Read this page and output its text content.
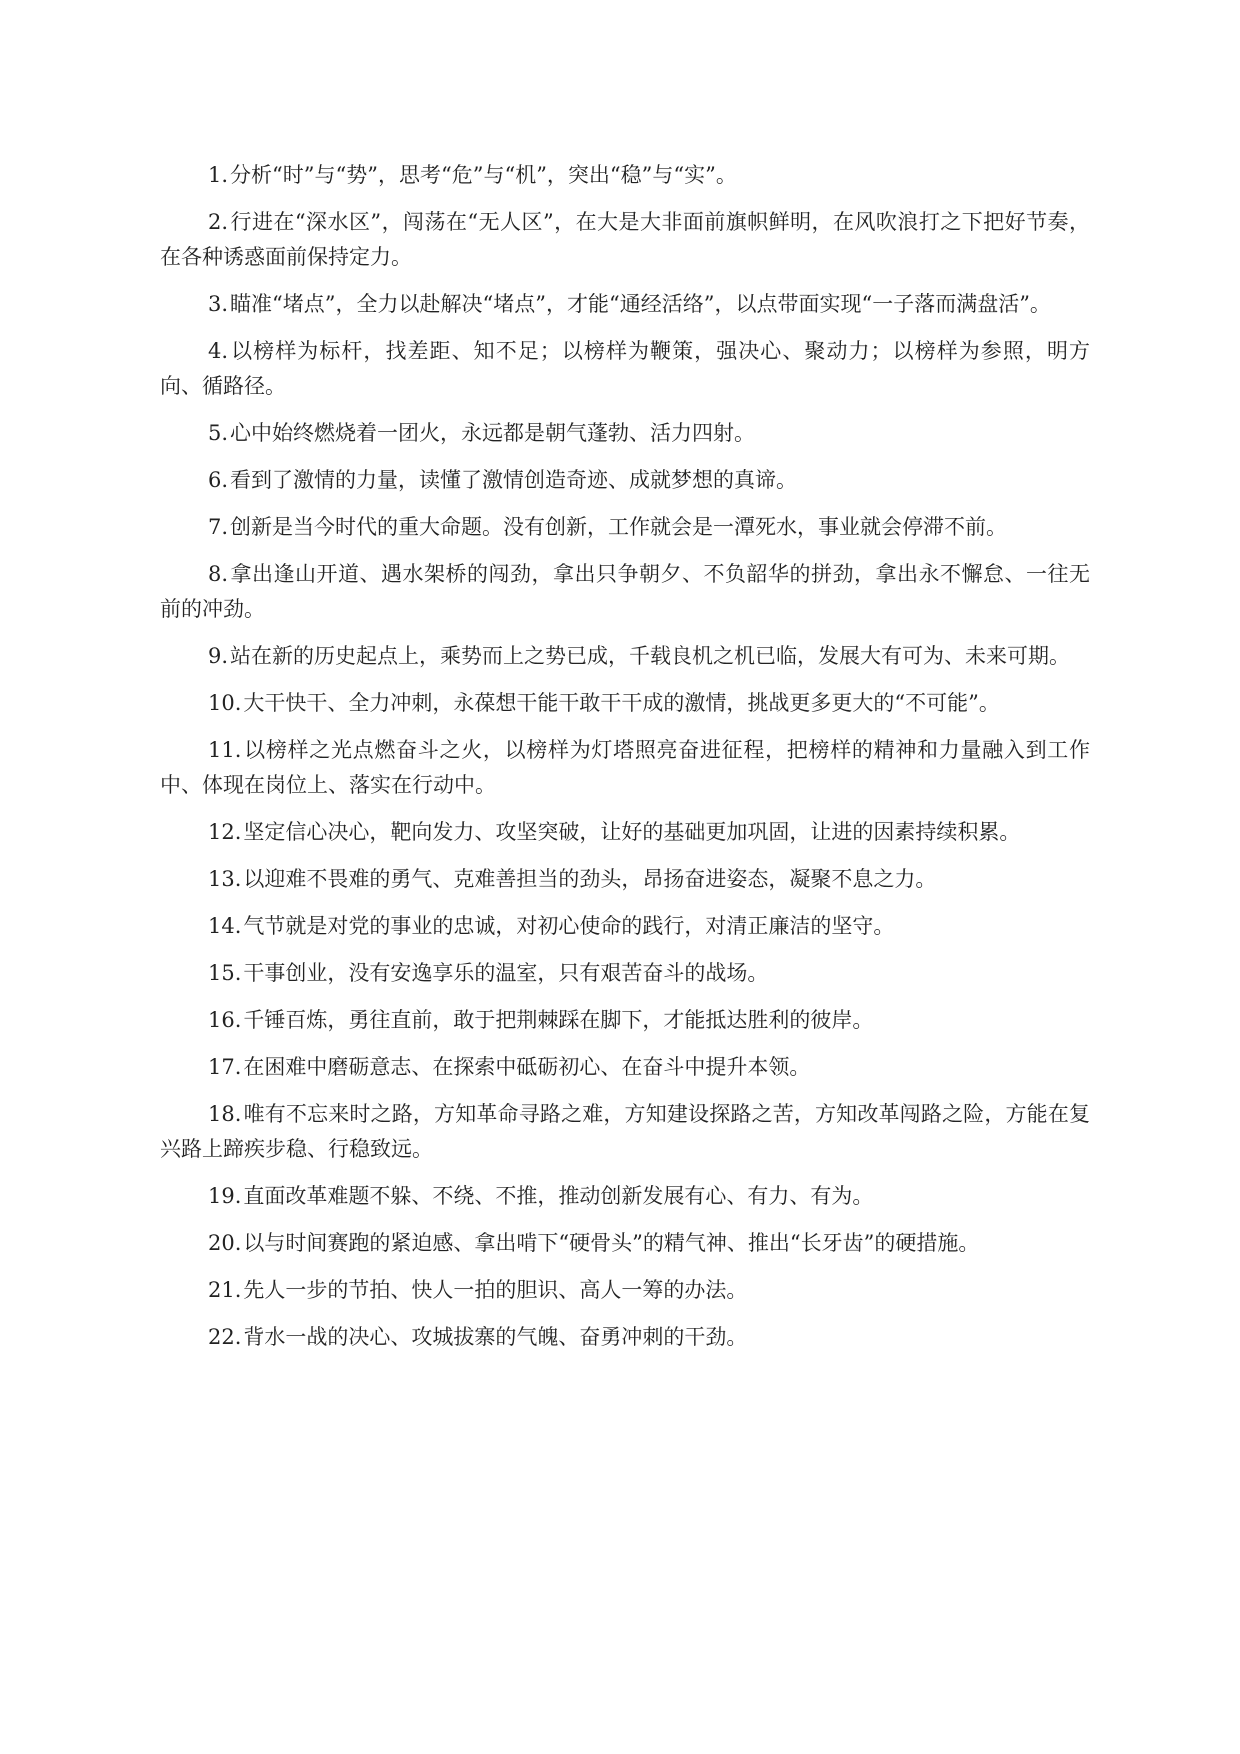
1.分析“时”与“势”，思考“危”与“机”，突出“稳”与“实”。

2.行进在“深水区”，闯荡在“无人区”，在大是大非面前旗帜鲜明，在风吹浪打之下把好节奏，在各种诱惑面前保持定力。

3.瞄准“堵点”，全力以赴解决“堵点”，才能“通经活络”，以点带面实现“一子落而满盘活”。

4.以榜样为标杆，找差距、知不足；以榜样为鞭策，强决心、聚动力；以榜样为参照，明方向、循路径。

5.心中始终燃烧着一团火，永远都是朝气蓬勃、活力四射。

6.看到了激情的力量，读懂了激情创造奇迹、成就梦想的真谛。

7.创新是当今时代的重大命题。没有创新，工作就会是一潭死水，事业就会停滞不前。

8.拿出逢山开道、遇水架桥的闯劲，拿出只争朝夕、不负韶华的拼劲，拿出永不懈怠、一往无前的冲劲。

9.站在新的历史起点上，乘势而上之势已成，千载良机之机已临，发展大有可为、未来可期。

10.大干快干、全力冲刺，永葆想干能干敢干干成的激情，挑战更多更大的“不可能”。

11.以榜样之光点燃奋斗之火，以榜样为灯塔照亮奋进征程，把榜样的精神和力量融入到工作中、体现在岗位上、落实在行动中。

12.坚定信心决心，靶向发力、攻坚突破，让好的基础更加巩固，让进的因素持续积累。

13.以迎难不畏难的勇气、克难善担当的劲头，昂扬奋进姿态，凝聚不息之力。

14.气节就是对党的事业的忠诚，对初心使命的践行，对清正廉洁的坚守。

15.干事创业，没有安逸享乐的温室，只有艰苦奋斗的战场。

16.千锤百炼，勇往直前，敢于把荆棘踩在脚下，才能抵达胜利的彼岸。

17.在困难中磨砺意志、在探索中砥砺初心、在奋斗中提升本领。

18.唯有不忘来时之路，方知革命寻路之难，方知建设探路之苦，方知改革闯路之险，方能在复兴路上蹄疾步稳、行稳致远。

19.直面改革难题不躲、不绕、不推，推动创新发展有心、有力、有为。

20.以与时间赛跑的紧迫感、拿出啃下“硬骨头”的精气神、推出“长牙齿”的硬措施。

21.先人一步的节拍、快人一拍的胆识、高人一筹的办法。

22.背水一战的决心、攻城拔寨的气魄、奋勇冲刺的干劲。
